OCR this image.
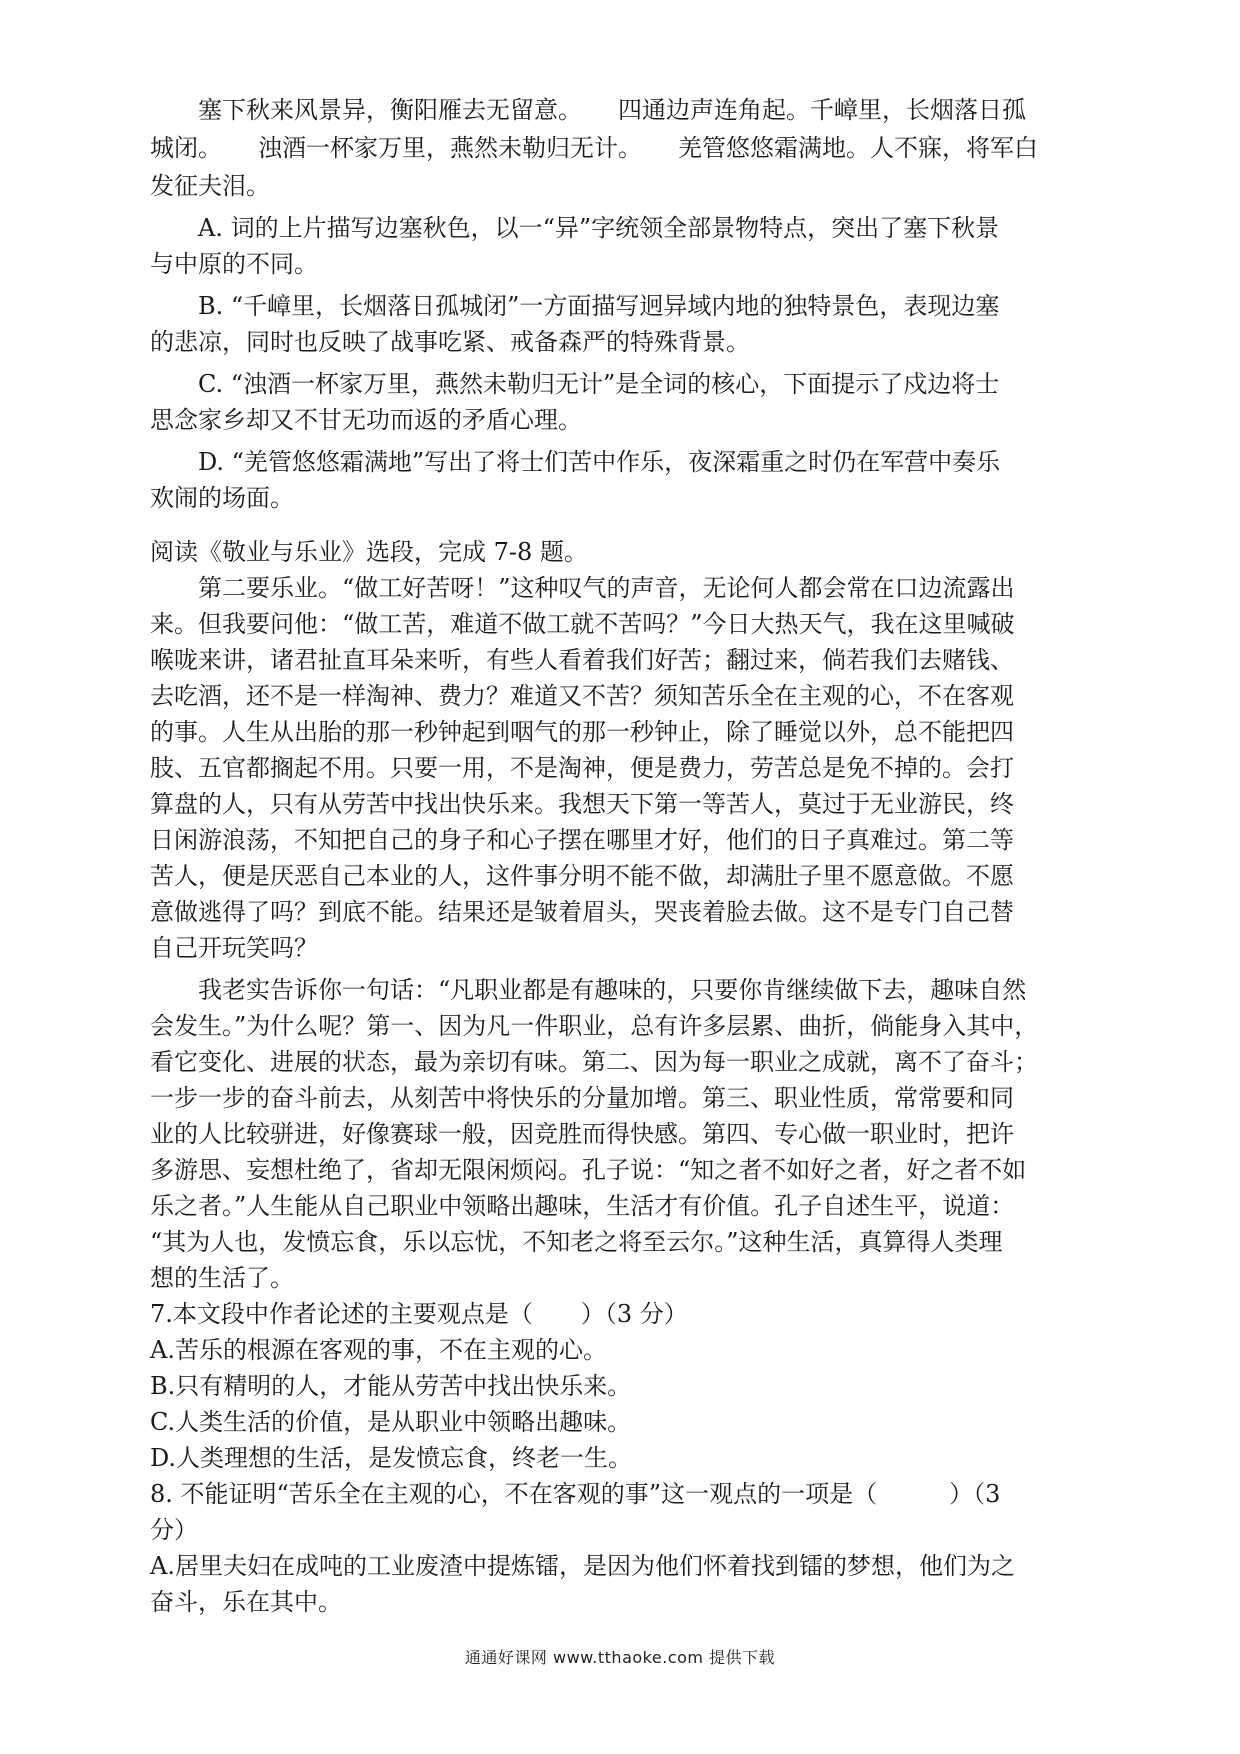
塞下秋来风景异，衡阳雁去无留意。 四通边声连角起。千嶂里，长烟落日孤
城闭。 浊酒一杯家万里，燕然未勒归无计。 羌管悠悠霜满地。人不寐，将军白
发征夫泪。
A. 词的上片描写边塞秋色，以一“异”字统领全部景物特点，突出了塞下秋景
与中原的不同。
B. “千嶂里，长烟落日孤城闭”一方面描写迥异域内地的独特景色，表现边塞
的悲凉，同时也反映了战事吃紧、戒备森严的特殊背景。
C. “浊酒一杯家万里，燕然未勒归无计”是全词的核心，下面提示了戍边将士
思念家乡却又不甘无功而返的矛盾心理。
D. “羌管悠悠霜满地”写出了将士们苦中作乐，夜深霜重之时仍在军营中奏乐
欢闹的场面。
阅读《敬业与乐业》选段，完成 7-8 题。
第二要乐业。“做工好苦呀！”这种叹气的声音，无论何人都会常在口边流露出
来。但我要问他：“做工苦，难道不做工就不苦吗？”今日大热天气，我在这里喊破
喉咙来讲，诸君扯直耳朵来听，有些人看着我们好苦；翻过来，倘若我们去赌钱、
去吃酒，还不是一样淘神、费力？难道又不苦？须知苦乐全在主观的心，不在客观
的事。人生从出胎的那一秒钟起到咽气的那一秒钟止，除了睡觉以外，总不能把四
肢、五官都搁起不用。只要一用，不是淘神，便是费力，劳苦总是免不掉的。会打
算盘的人，只有从劳苦中找出快乐来。我想天下第一等苦人，莫过于无业游民，终
日闲游浪荡，不知把自己的身子和心子摆在哪里才好，他们的日子真难过。第二等
苦人，便是厌恶自己本业的人，这件事分明不能不做，却满肚子里不愿意做。不愿
意做逃得了吗？到底不能。结果还是皱着眉头，哭丧着脸去做。这不是专门自己替
自己开玩笑吗？
我老实告诉你一句话：“凡职业都是有趣味的，只要你肯继续做下去，趣味自然
会发生。”为什么呢？第一、因为凡一件职业，总有许多层累、曲折，倘能身入其中，
看它变化、进展的状态，最为亲切有味。第二、因为每一职业之成就，离不了奋斗；
一步一步的奋斗前去，从刻苦中将快乐的分量加增。第三、职业性质，常常要和同
业的人比较骈进，好像赛球一般，因竞胜而得快感。第四、专心做一职业时，把许
多游思、妄想杜绝了，省却无限闲烦闷。孔子说：“知之者不如好之者，好之者不如
乐之者。”人生能从自己职业中领略出趣味，生活才有价值。孔子自述生平，说道：
“其为人也，发愤忘食，乐以忘忧，不知老之将至云尔。”这种生活，真算得人类理
想的生活了。
7.本文段中作者论述的主要观点是（　　）（3 分）
A.苦乐的根源在客观的事，不在主观的心。
B.只有精明的人，才能从劳苦中找出快乐来。
C.人类生活的价值，是从职业中领略出趣味。
D.人类理想的生活，是发愤忘食，终老一生。
8. 不能证明“苦乐全在主观的心，不在客观的事”这一观点的一项是（　　　）（3
分）
A.居里夫妇在成吨的工业废渣中提炼镭，是因为他们怀着找到镭的梦想，他们为之
奋斗，乐在其中。
通通好课网 www.tthaoke.com 提供下载
